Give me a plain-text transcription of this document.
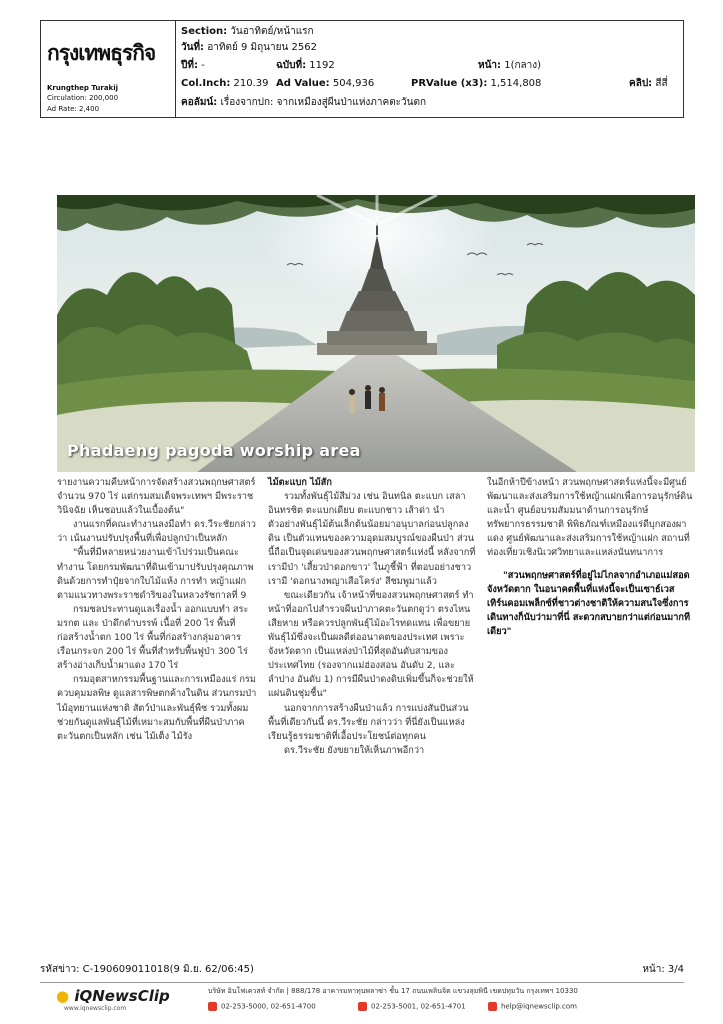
กรุงเทพธุรกิจ
Krungthep Turakij
Circulation: 200,000
Ad Rate: 2,400
Section: วันอาทิตย์/หน้าแรก
วันที่: อาทิตย์ 9 มิถุนายน 2562
ปีที่: -	ฉบับที่: 1192	หน้า: 1(กลาง)
Col.Inch: 210.39 Ad Value: 504,936	PRValue (x3): 1,514,808	คลิป: สีสี่
คอลัมน์: เรื่องจากปก: จากเหมืองสู่ผืนป่าแห่งภาคตะวันตก
Phadaeng pagoda worship area

รายงานความคืบหน้าการจัดสร้างสวนพฤกษศาสตร์ จำนวน 970 ไร่ แต่กรมสมเด็จพระเทพฯ มีพระราชวินิจฉัย เห็นชอบแล้วในเบื้องต้น"

งานแรกที่คณะทำงานลงมือทำ ดร.วีระชัยกล่าวว่า เน้นงานปรับปรุงพื้นที่เพื่อปลูกป่าเป็นหลัก

"พื้นที่มีหลายหน่วยงานเข้าไปร่วมเป็นคณะทำงาน โดยกรมพัฒนาที่ดินเข้ามาปรับปรุงคุณภาพดินด้วยการทำปุ๋ยจากใบไม้แห้ง การทำ หญ้าแฝก ตามแนวทางพระราชดำริของในหลวงรัชกาลที่ 9

กรมชลประทานดูแลเรื่องน้ำ ออกแบบทำ สระมรกต และ ป่าดึกดำบรรพ์ เนื้อที่ 200 ไร่ พื้นที่ก่อสร้างน้ำตก 100 ไร่ พื้นที่ก่อสร้างกลุ่มอาคารเรือนกระจก 200 ไร่ พื้นที่สำหรับพื้นฟูป่า 300 ไร่ สร้างอ่างเก็บน้ำผาแดง 170 ไร่

กรมอุตสาหกรรมพื้นฐานและการเหมืองแร่ กรมควบคุมมลพิษ ดูแลสารพิษตกค้างในดิน ส่วนกรมป่าไม้อุทยานแห่งชาติ สัตว์ป่าและพันธุ์พืช รวมทั้งผม ช่วยกันดูแลพันธุ์ไม้ที่เหมาะสมกับพื้นที่ผืนป่าภาคตะวันตกเป็นหลัก เช่น ไม้เต็ง ไม้รัง

ไม้ตะแบก ไม้สัก

รวมทั้งพันธุ์ไม้สีม่วง เช่น อินทนิล ตะแบก เสลา อินทรชิต ตะแบกเดียบ ตะแบกชาว เส้าด่า นำตัวอย่างพันธุ์ไม้ต้นเล็กต้นน้อยมาอนุบาลก่อนปลูกลงดิน เป็นตัวแทนของความอุดมสมบูรณ์ของผืนป่า ส่วนนี้ถือเป็นจุดเด่นของสวนพฤกษศาสตร์แห่งนี้ หลังจากที่เรามีป่า 'เสี้ยวป่าดอกขาว' ในภูชี้ฟ้า ที่ตอบอย่างชาวเรามี 'ดอกนางพญาเสือโคร่ง' สีชมพูมาแล้ว

ขณะเดียวกัน เจ้าหน้าที่ของสวนพฤกษศาสตร์ ทำหน้าที่ออกไปสำรวจผืนป่าภาคตะวันตกดูว่า ตรงไหนเสียหาย หรือควรปลูกพันธุ์ไม้อะไรทดแทน เพื่อขยายพันธุ์ไม้ซึ่งจะเป็นผลดีต่ออนาคตของประเทศ เพราะจังหวัดตาก เป็นแหล่งป่าไม้ที่สุดอันดับสามของประเทศไทย (รองจากแม่ฮ่องสอน อันดับ 2, และลำปาง อันดับ 1) การมีผืนป่าดงดิบเพิ่มขึ้นก็จะช่วยให้แผ่นดินชุ่มชื้น"

นอกจากการสร้างผืนป่าแล้ว การแบ่งสันปันส่วนพื้นที่เดียวกันนี้ ดร.วีระชัย กล่าวว่า ที่นี่ยังเป็นแหล่งเรียนรู้ธรรมชาติที่เอื้อประโยชน์ต่อทุกคน

ดร.วีระชัย ยังขยายให้เห็นภาพอีกว่า

ในอีกห้าปีข้างหน้า สวนพฤกษศาสตร์แห่งนี้จะมีศูนย์พัฒนาและส่งเสริมการใช้หญ้าแฝกเพื่อการอนุรักษ์ดินและน้ำ ศูนย์อบรมสัมมนาด้านการอนุรักษ์ทรัพยากรธรรมชาติ พิพิธภัณฑ์เหมืองแร่ดีบุกสองผาแดง ศูนย์พัฒนาและส่งเสริมการใช้หญ้าแฝก สถานที่ท่องเที่ยวเชิงนิเวศวิทยาและแหล่งนันทนาการ

"สวนพฤกษศาสตร์ที่อยู่ไม่ไกลจากอำเภอแม่สอด จังหวัดตาก ในอนาคตพื้นที่แห่งนี้จะเป็นเซาธ์เวสเทิร์นคอมเพล็กซ์ที่ชาวต่างชาติให้ความสนใจซึ่งการเดินทางก็นับว่ามาที่นี่ สะดวกสบายกว่าแต่ก่อนมากทีเดียว"

รหัสข่าว: C-190609011018(9 มิ.ย. 62/06:45)	หน้า: 3/4
● iQNewsClip
www.iqnewsclip.com
บริษัท อินโฟเควสท์ จำกัด | 888/178 อาคารมหาทุนพลาซ่า ชั้น 17 ถนนเพลินจิต แขวงลุมพินี เขตปทุมวัน กรุงเทพฯ 10330
02-253-5000, 02-651-4700	02-253-5001, 02-651-4701	help@iqnewsclip.com
